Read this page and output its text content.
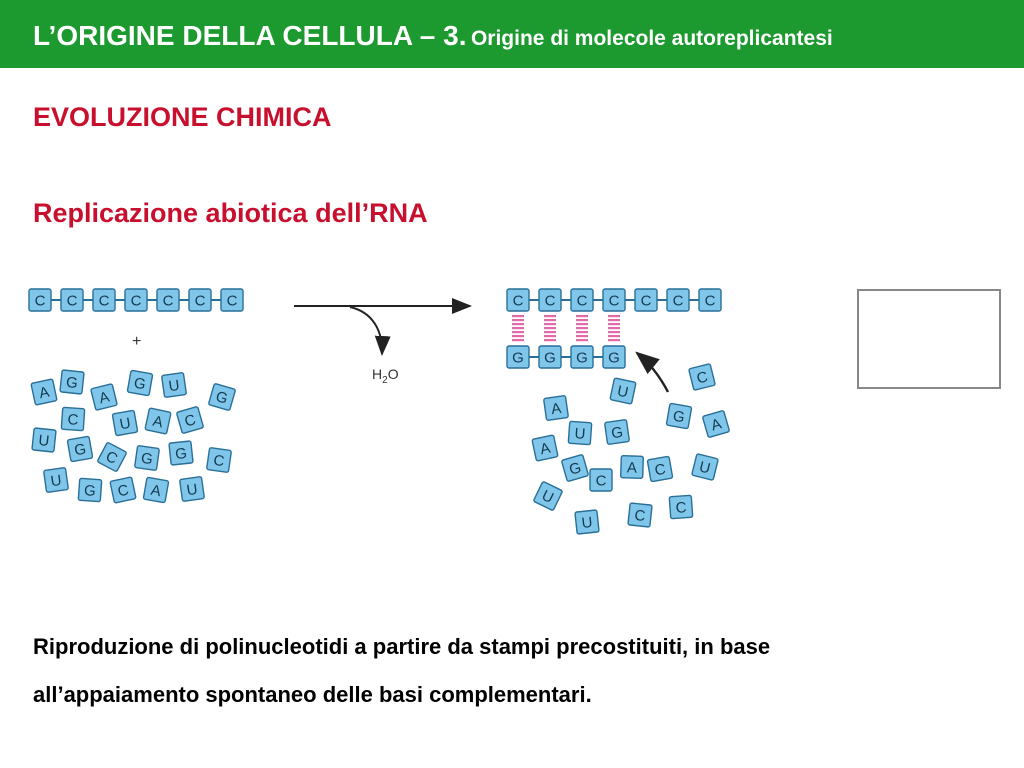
L’ORIGINE DELLA CELLULA – 3. Origine di molecole autoreplicantesi
EVOLUZIONE CHIMICA
Replicazione abiotica dell’RNA
C C C C C C C
A
G
A
G U
G
C	U A C
U G C G G C
U
G C A U
C C C C C C C
G G G G
C
U
A	G A
A
U G
G
C
A C U
U
U	C C
+
$H_2O$
Riproduzione di polinucleotidi a partire da stampi precostituiti, in base
all’appaiamento spontaneo delle basi complementari.
